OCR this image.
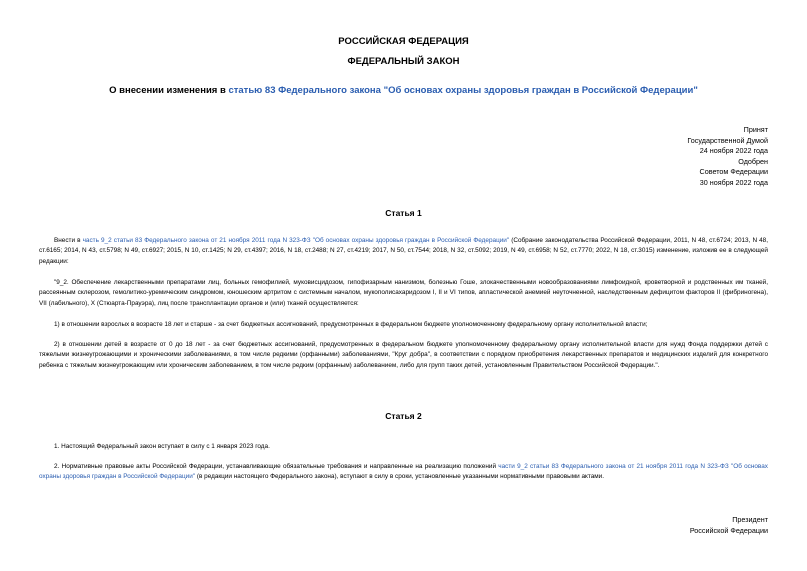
РОССИЙСКАЯ ФЕДЕРАЦИЯ
ФЕДЕРАЛЬНЫЙ ЗАКОН
О внесении изменения в статью 83 Федерального закона "Об основах охраны здоровья граждан в Российской Федерации"
Принят
Государственной Думой
24 ноября 2022 года
Одобрен
Советом Федерации
30 ноября 2022 года
Статья 1
Внести в часть 9_2 статьи 83 Федерального закона от 21 ноября 2011 года N 323-ФЗ "Об основах охраны здоровья граждан в Российской Федерации" (Собрание законодательства Российской Федерации, 2011, N 48, ст.6724; 2013, N 48, ст.6165; 2014, N 43, ст.5798; N 49, ст.6927; 2015, N 10, ст.1425; N 29, ст.4397; 2016, N 18, ст.2488; N 27, ст.4219; 2017, N 50, ст.7544; 2018, N 32, ст.5092; 2019, N 49, ст.6958; N 52, ст.7770; 2022, N 18, ст.3015) изменение, изложив ее в следующей редакции:
"9_2. Обеспечение лекарственными препаратами лиц, больных гемофилией, муковисцидозом, гипофизарным нанизмом, болезнью Гоше, злокачественными новообразованиями лимфоидной, кроветворной и родственных им тканей, рассеянным склерозом, гемолитико-уремическим синдромом, юношеским артритом с системным началом, мукополисахаридозом I, II и VI типов, апластической анемией неуточненной, наследственным дефицитом факторов II (фибриногена), VII (лабильного), X (Стюарта-Прауэра), лиц после трансплантации органов и (или) тканей осуществляется:
1) в отношении взрослых в возрасте 18 лет и старше - за счет бюджетных ассигнований, предусмотренных в федеральном бюджете уполномоченному федеральному органу исполнительной власти;
2) в отношении детей в возрасте от 0 до 18 лет - за счет бюджетных ассигнований, предусмотренных в федеральном бюджете уполномоченному федеральному органу исполнительной власти для нужд Фонда поддержки детей с тяжелыми жизнеугрожающими и хроническими заболеваниями, в том числе редкими (орфанными) заболеваниями, "Круг добра", в соответствии с порядком приобретения лекарственных препаратов и медицинских изделий для конкретного ребенка с тяжелым жизнеугрожающим или хроническим заболеванием, в том числе редким (орфанным) заболеванием, либо для групп таких детей, установленным Правительством Российской Федерации.".
Статья 2
1. Настоящий Федеральный закон вступает в силу с 1 января 2023 года.
2. Нормативные правовые акты Российской Федерации, устанавливающие обязательные требования и направленные на реализацию положений части 9_2 статьи 83 Федерального закона от 21 ноября 2011 года N 323-ФЗ "Об основах охраны здоровья граждан в Российской Федерации" (в редакции настоящего Федерального закона), вступают в силу в сроки, установленные указанными нормативными правовыми актами.
Президент
Российской Федерации
